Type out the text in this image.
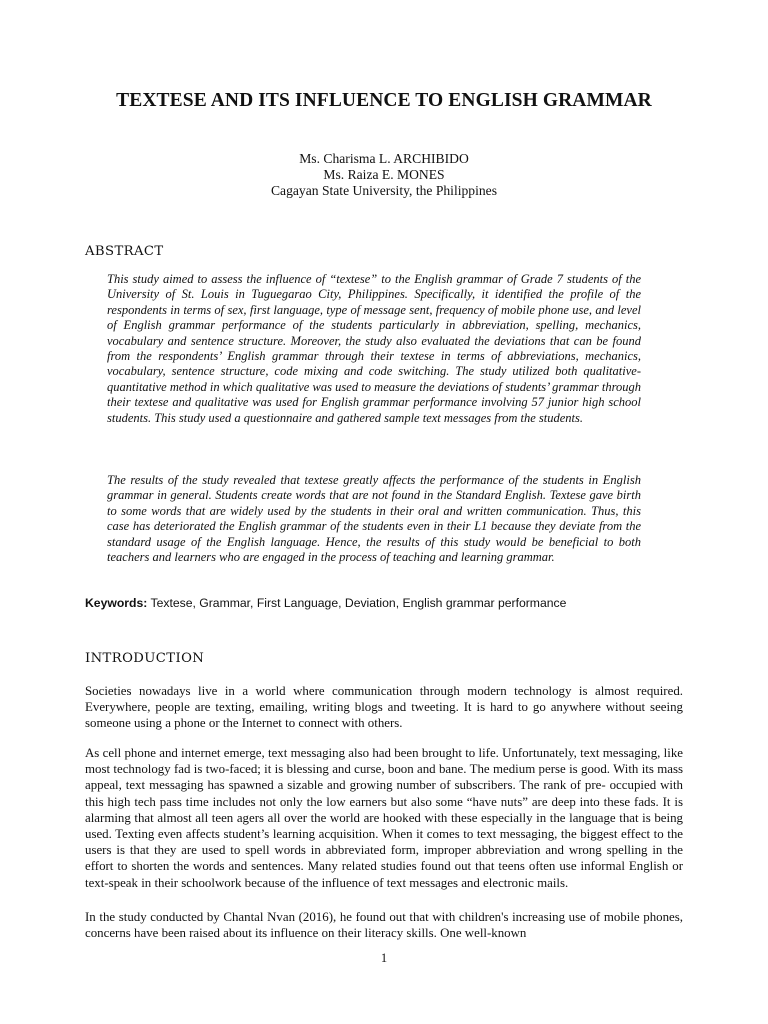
TEXTESE AND ITS INFLUENCE TO ENGLISH GRAMMAR
Ms. Charisma L. ARCHIBIDO
Ms. Raiza E. MONES
Cagayan State University, the Philippines
ABSTRACT

This study aimed to assess the influence of “textese” to the English grammar of Grade 7 students of the University of St. Louis in Tuguegarao City, Philippines. Specifically, it identified the profile of the respondents in terms of sex, first language, type of message sent, frequency of mobile phone use, and level of English grammar performance of the students particularly in abbreviation, spelling, mechanics, vocabulary and sentence structure. Moreover, the study also evaluated the deviations that can be found from the respondents’ English grammar through their textese in terms of abbreviations, mechanics, vocabulary, sentence structure, code mixing and code switching. The study utilized both qualitative-quantitative method in which qualitative was used to measure the deviations of students’ grammar through their textese and qualitative was used for English grammar performance involving 57 junior high school students. This study used a questionnaire and gathered sample text messages from the students.

The results of the study revealed that textese greatly affects the performance of the students in English grammar in general. Students create words that are not found in the Standard English. Textese gave birth to some words that are widely used by the students in their oral and written communication. Thus, this case has deteriorated the English grammar of the students even in their L1 because they deviate from the standard usage of the English language. Hence, the results of this study would be beneficial to both teachers and learners who are engaged in the process of teaching and learning grammar.

Keywords: Textese, Grammar, First Language, Deviation, English grammar performance
INTRODUCTION

Societies nowadays live in a world where communication through modern technology is almost required. Everywhere, people are texting, emailing, writing blogs and tweeting. It is hard to go anywhere without seeing someone using a phone or the Internet to connect with others.

As cell phone and internet emerge, text messaging also had been brought to life. Unfortunately, text messaging, like most technology fad is two-faced; it is blessing and curse, boon and bane. The medium perse is good. With its mass appeal, text messaging has spawned a sizable and growing number of subscribers. The rank of pre- occupied with this high tech pass time includes not only the low earners but also some “have nuts” are deep into these fads. It is alarming that almost all teen agers all over the world are hooked with these especially in the language that is being used. Texting even affects student’s learning acquisition. When it comes to text messaging, the biggest effect to the users is that they are used to spell words in abbreviated form, improper abbreviation and wrong spelling in the effort to shorten the words and sentences. Many related studies found out that teens often use informal English or text-speak in their schoolwork because of the influence of text messages and electronic mails.

In the study conducted by Chantal Nvan (2016), he found out that with children's increasing use of mobile phones, concerns have been raised about its influence on their literacy skills. One well-known

1
